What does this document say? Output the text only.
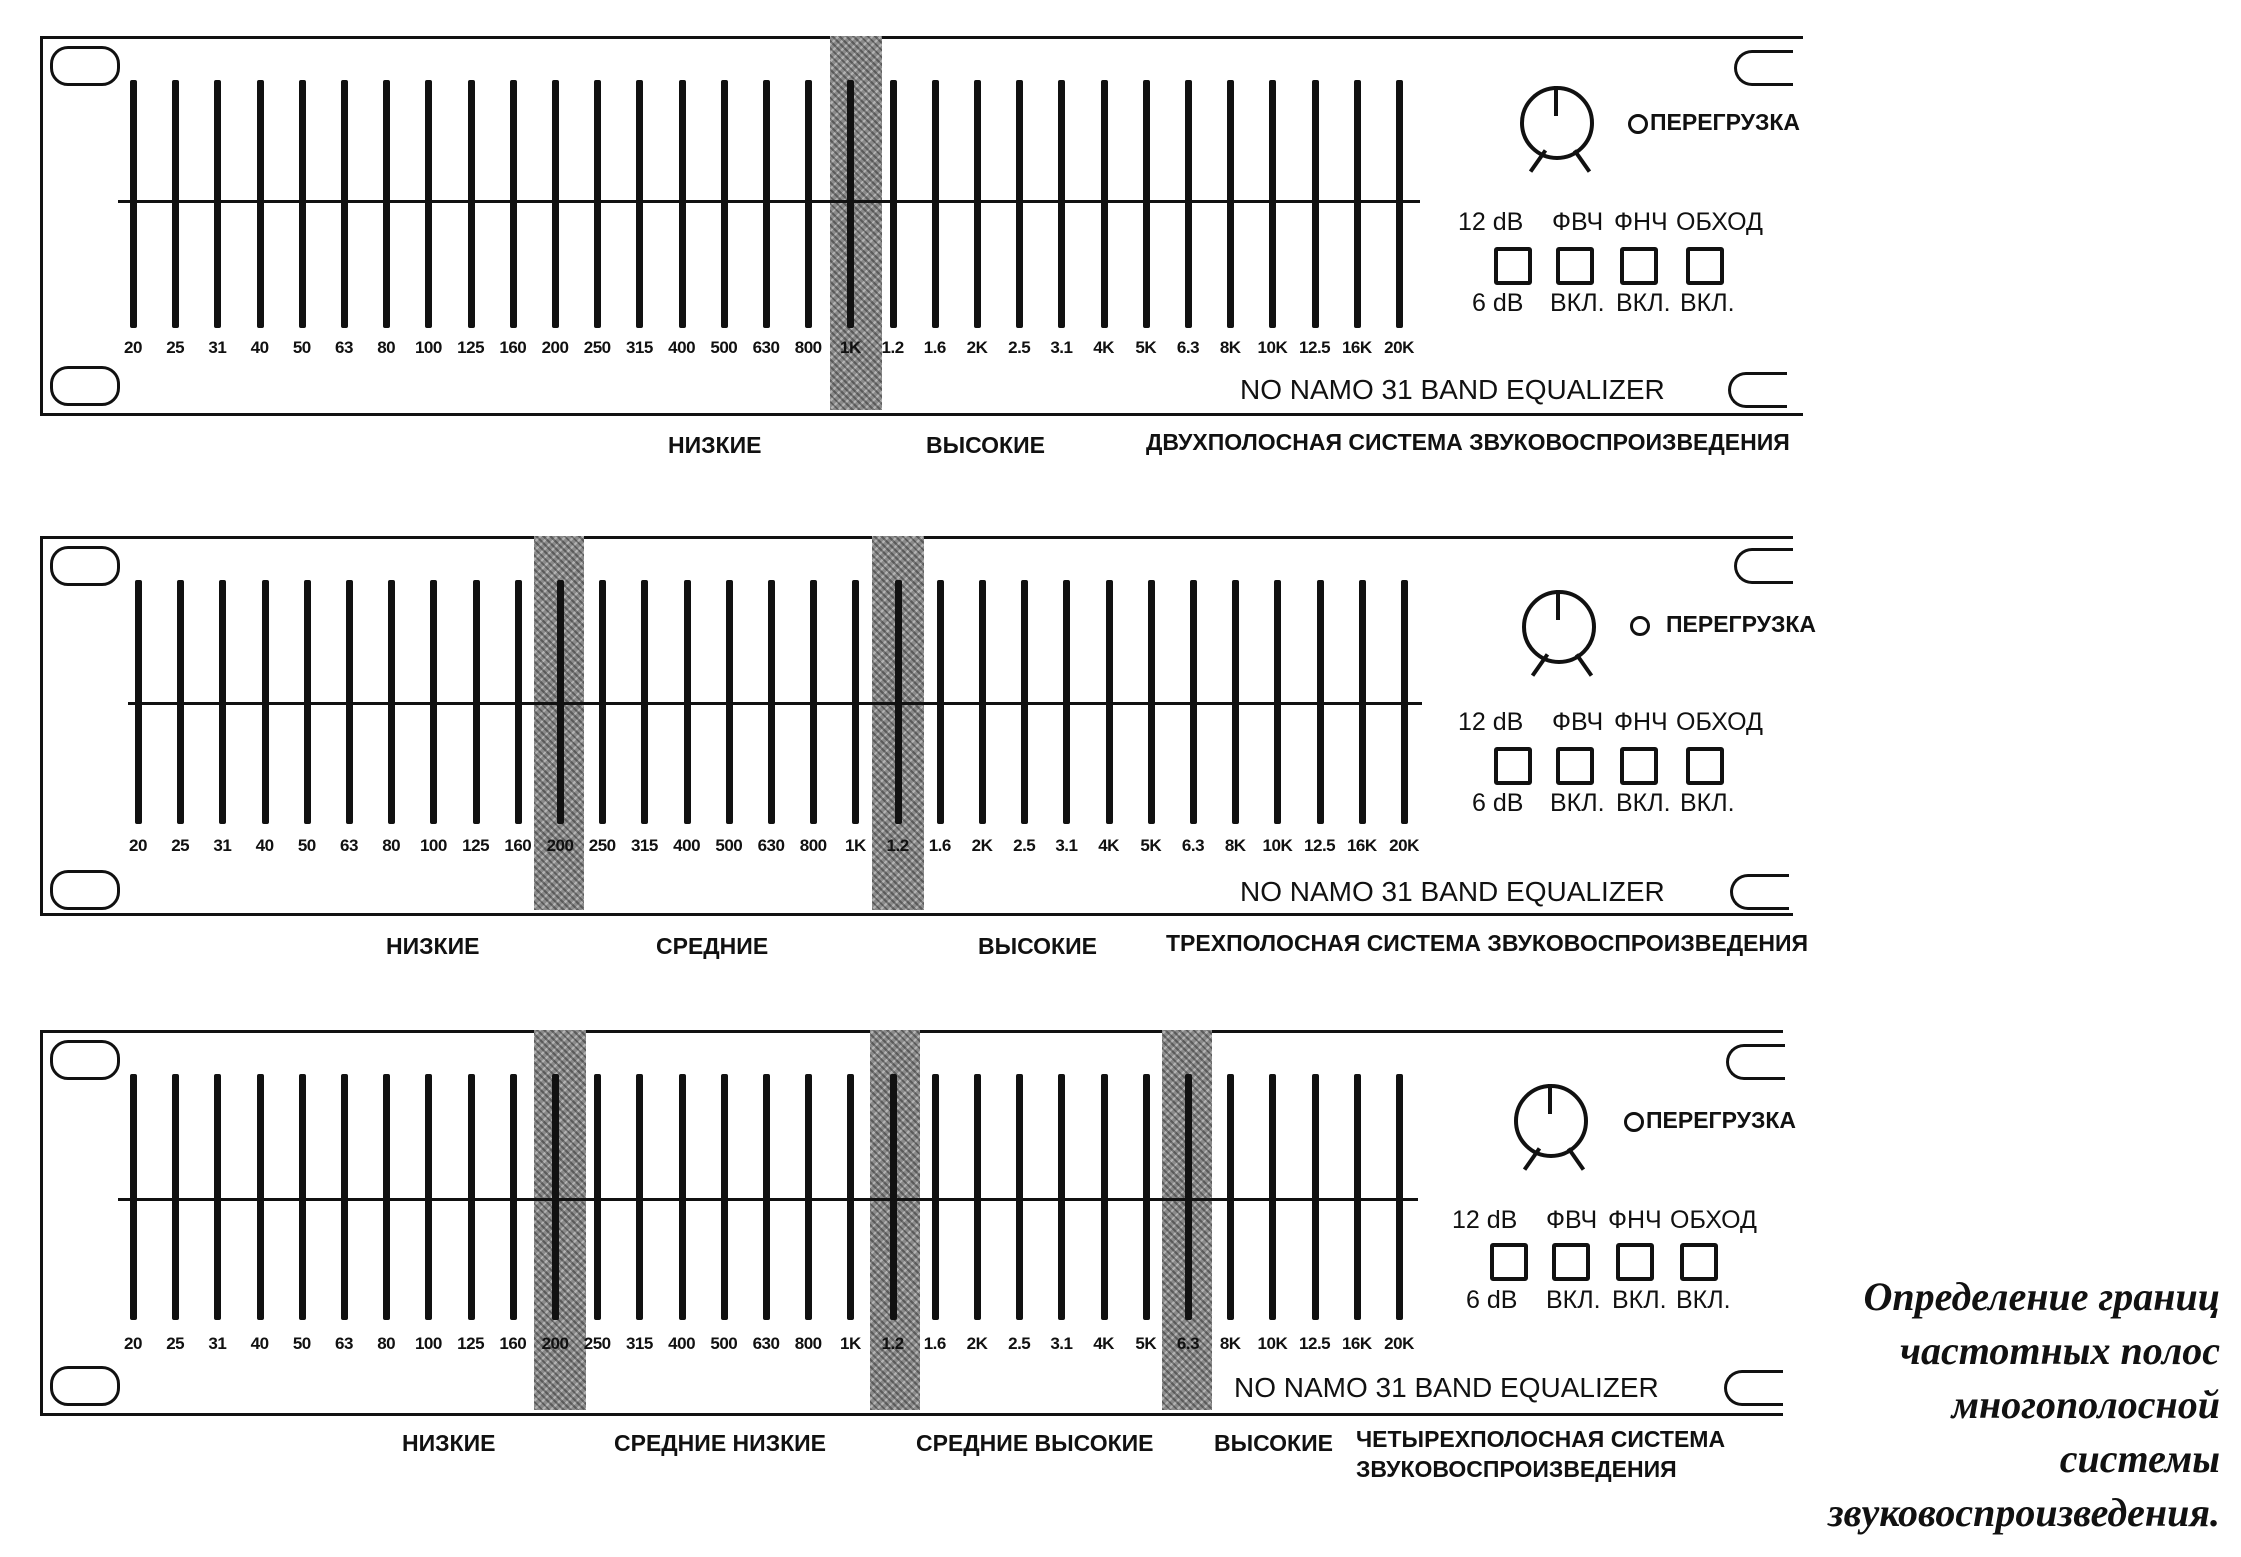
ПЕРЕГРУЗКА
12 dB ФВЧ ФНЧ ОБХОД
6 dB ВКЛ. ВКЛ. ВКЛ.
NO NAMO 31 BAND EQUALIZER
НИЗКИЕ	ВЫСОКИЕ	ДВУХПОЛОСНАЯ СИСТЕМА ЗВУКОВОСПРОИЗВЕДЕНИЯ
ПЕРЕГРУЗКА
12 dB ФВЧ ФНЧ ОБХОД
6 dB ВКЛ. ВКЛ. ВКЛ.
NO NAMO 31 BAND EQUALIZER
НИЗКИЕ	СРЕДНИЕ	ВЫСОКИЕ	ТРЕХПОЛОСНАЯ СИСТЕМА ЗВУКОВОСПРОИЗВЕДЕНИЯ
ПЕРЕГРУЗКА
12 dB ФВЧ ФНЧ ОБХОД
6 dB ВКЛ. ВКЛ. ВКЛ.
NO NAMO 31 BAND EQUALIZER
НИЗКИЕ	СРЕДНИЕ НИЗКИЕ	СРЕДНИЕ ВЫСОКИЕ	ВЫСОКИЕ ЧЕТЫРЕХПОЛОСНАЯ СИСТЕМА
ЗВУКОВОСПРОИЗВЕДЕНИЯ
Определение границ
частотных полос
многополосной
системы
звуковоспроизведения.
20 25 31 40 50 63 80 100 125 160 200 250 315 400 500 630 800 1K 1.2 1.6 2K 2.5 3.1 4K 5K 6.3 8K 10K 12.5 16K 20K
20 25 31 40 50 63 80 100 125 160 200 250 315 400 500 630 800 1K 1.2 1.6 2K 2.5 3.1 4K 5K 6.3 8K 10K 12.5 16K 20K
20 25 31 40 50 63 80 100 125 160 200 250 315 400 500 630 800 1K 1.2 1.6 2K 2.5 3.1 4K 5K 6.3 8K 10K 12.5 16K 20K
